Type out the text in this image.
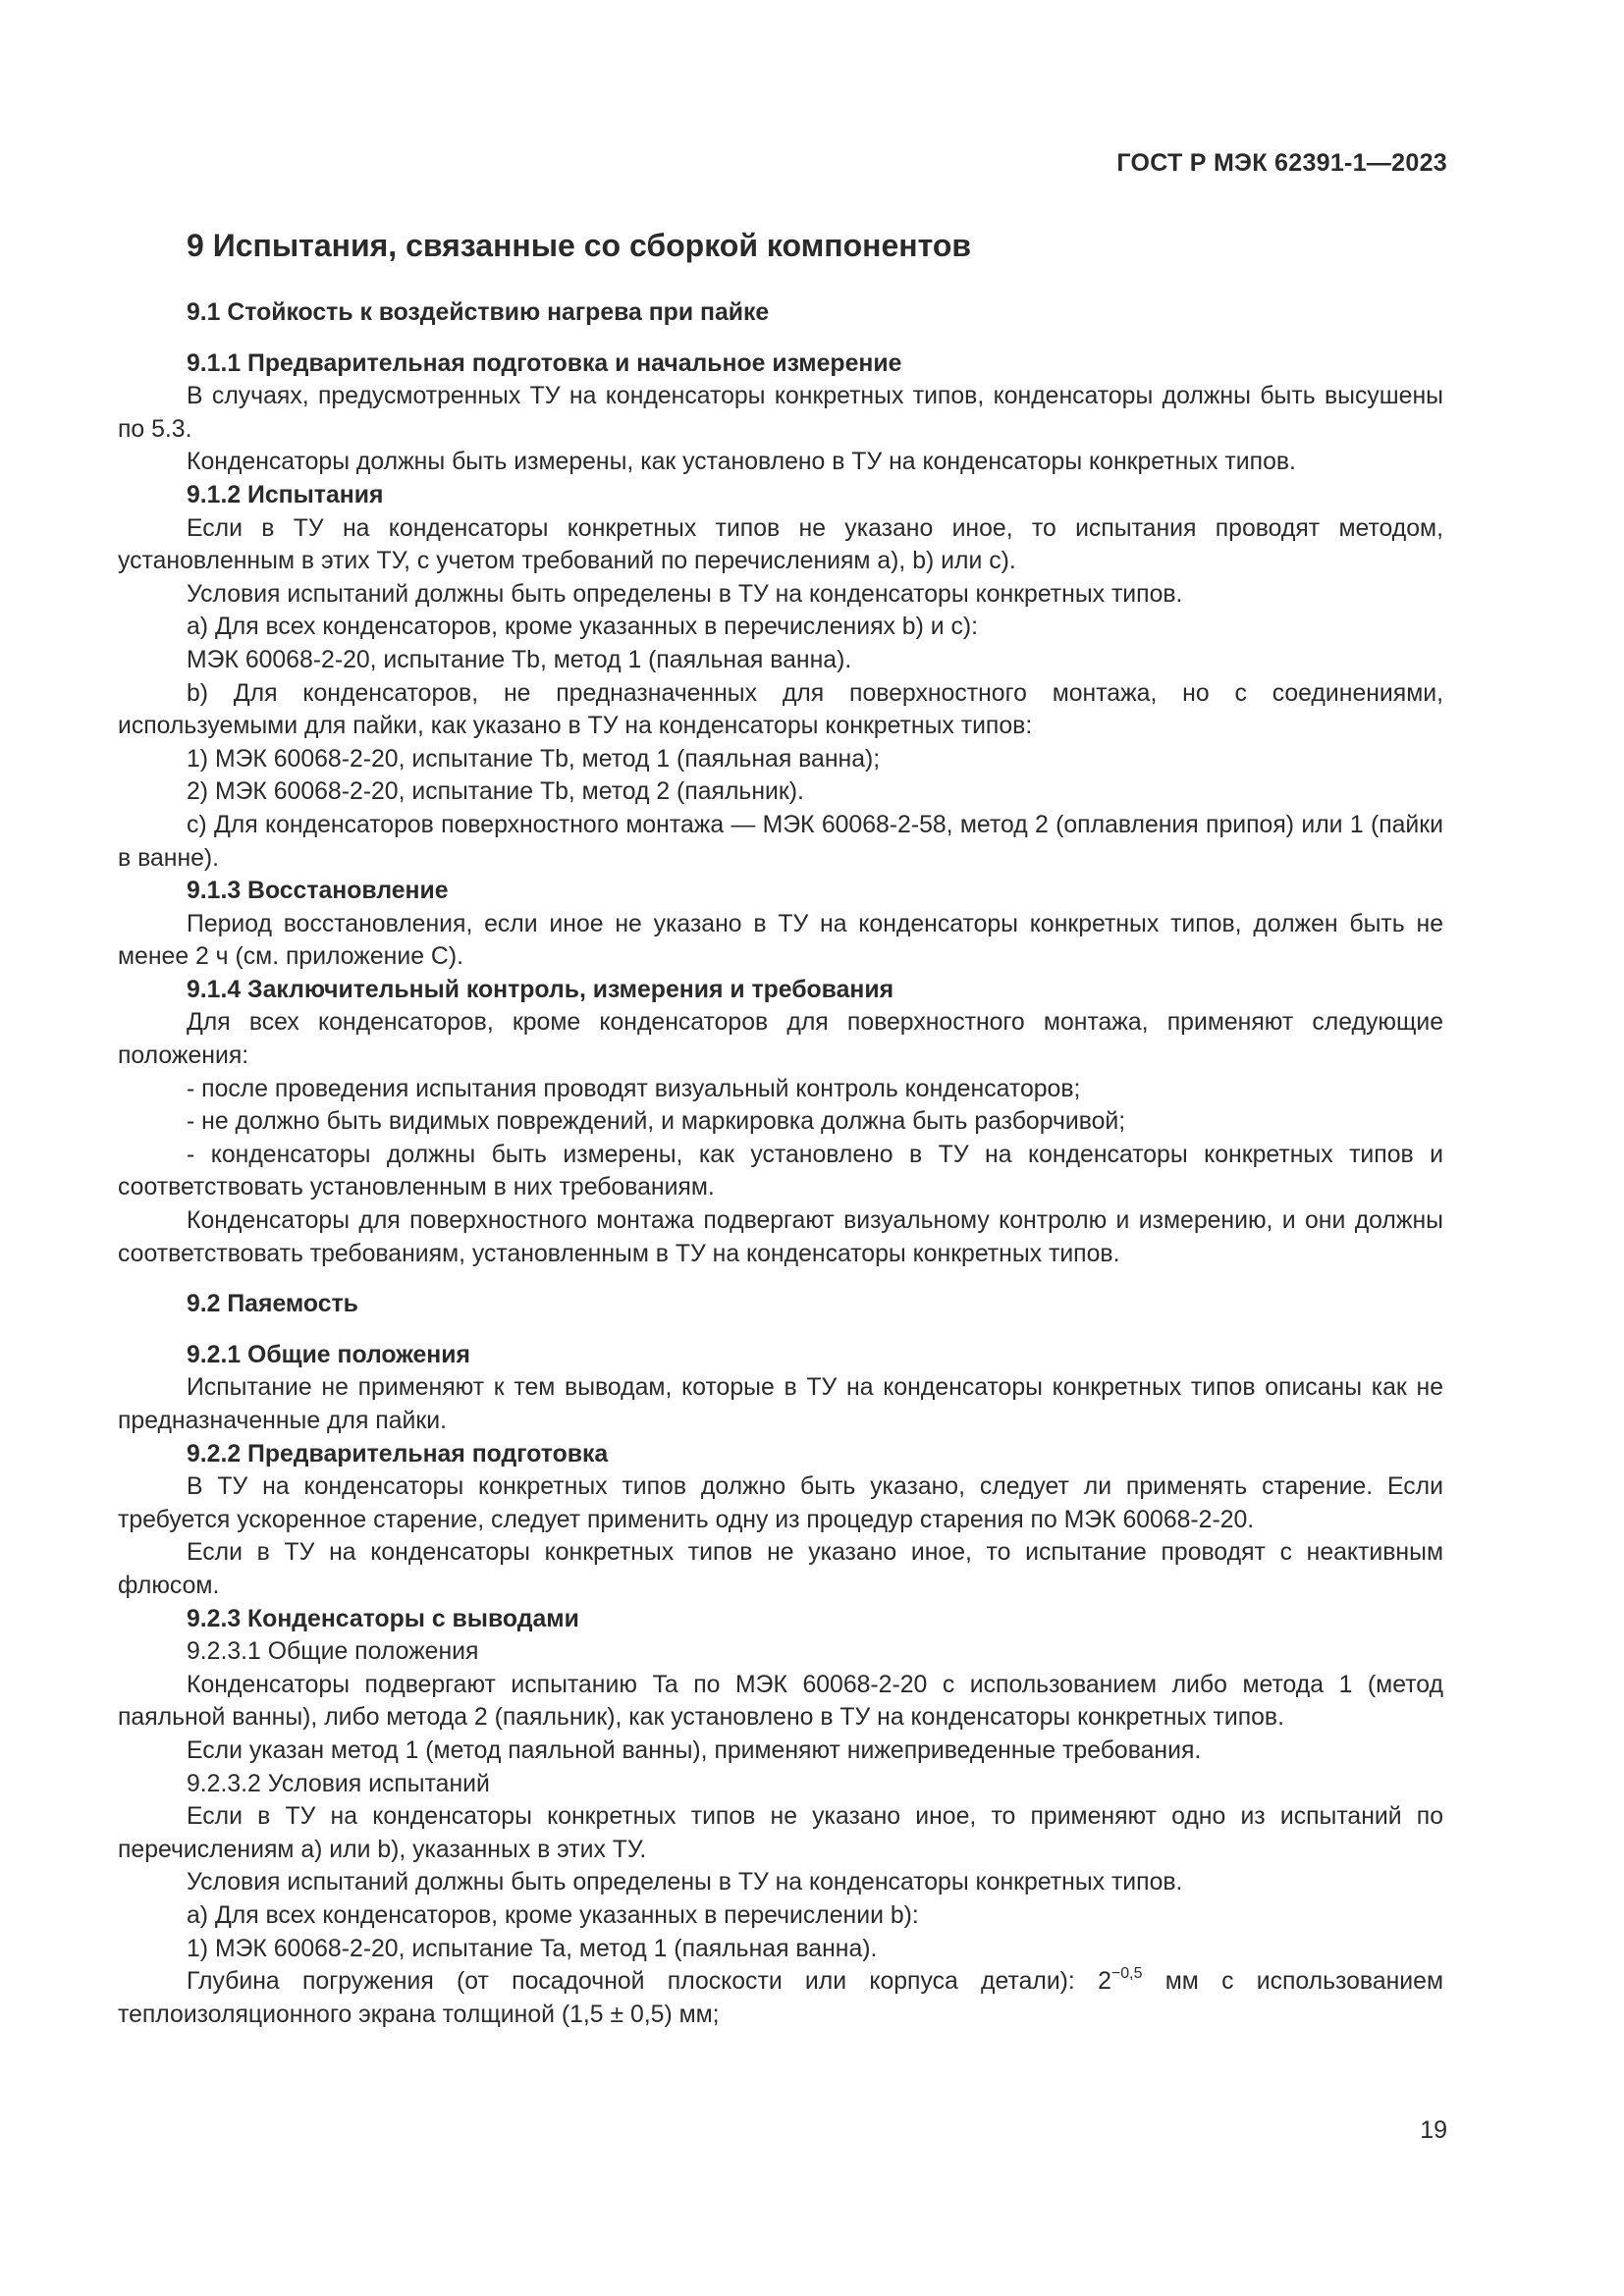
ГОСТ Р МЭК 62391-1—2023
9 Испытания, связанные со сборкой компонентов
9.1 Стойкость к воздействию нагрева при пайке
9.1.1 Предварительная подготовка и начальное измерение

В случаях, предусмотренных ТУ на конденсаторы конкретных типов, конденсаторы должны быть высушены по 5.3.

Конденсаторы должны быть измерены, как установлено в ТУ на конденсаторы конкретных типов.

9.1.2 Испытания

Если в ТУ на конденсаторы конкретных типов не указано иное, то испытания проводят методом, установленным в этих ТУ, с учетом требований по перечислениям a), b) или c).

Условия испытаний должны быть определены в ТУ на конденсаторы конкретных типов.

a) Для всех конденсаторов, кроме указанных в перечислениях b) и c):

МЭК 60068-2-20, испытание Tb, метод 1 (паяльная ванна).

b) Для конденсаторов, не предназначенных для поверхностного монтажа, но с соединениями, используемыми для пайки, как указано в ТУ на конденсаторы конкретных типов:

1) МЭК 60068-2-20, испытание Tb, метод 1 (паяльная ванна);

2) МЭК 60068-2-20, испытание Tb, метод 2 (паяльник).

c) Для конденсаторов поверхностного монтажа — МЭК 60068-2-58, метод 2 (оплавления припоя) или 1 (пайки в ванне).

9.1.3 Восстановление

Период восстановления, если иное не указано в ТУ на конденсаторы конкретных типов, должен быть не менее 2 ч (см. приложение C).

9.1.4 Заключительный контроль, измерения и требования

Для всех конденсаторов, кроме конденсаторов для поверхностного монтажа, применяют следующие положения:

- после проведения испытания проводят визуальный контроль конденсаторов;

- не должно быть видимых повреждений, и маркировка должна быть разборчивой;

- конденсаторы должны быть измерены, как установлено в ТУ на конденсаторы конкретных типов и соответствовать установленным в них требованиям.

Конденсаторы для поверхностного монтажа подвергают визуальному контролю и измерению, и они должны соответствовать требованиям, установленным в ТУ на конденсаторы конкретных типов.

9.2 Паяемость
9.2.1 Общие положения

Испытание не применяют к тем выводам, которые в ТУ на конденсаторы конкретных типов описаны как не предназначенные для пайки.

9.2.2 Предварительная подготовка

В ТУ на конденсаторы конкретных типов должно быть указано, следует ли применять старение. Если требуется ускоренное старение, следует применить одну из процедур старения по МЭК 60068-2-20.

Если в ТУ на конденсаторы конкретных типов не указано иное, то испытание проводят с неактивным флюсом.

9.2.3 Конденсаторы с выводами

9.2.3.1 Общие положения

Конденсаторы подвергают испытанию Ta по МЭК 60068-2-20 с использованием либо метода 1 (метод паяльной ванны), либо метода 2 (паяльник), как установлено в ТУ на конденсаторы конкретных типов.

Если указан метод 1 (метод паяльной ванны), применяют нижеприведенные требования.

9.2.3.2 Условия испытаний

Если в ТУ на конденсаторы конкретных типов не указано иное, то применяют одно из испытаний по перечислениям a) или b), указанных в этих ТУ.

Условия испытаний должны быть определены в ТУ на конденсаторы конкретных типов.

a) Для всех конденсаторов, кроме указанных в перечислении b):

1) МЭК 60068-2-20, испытание Ta, метод 1 (паяльная ванна).

Глубина погружения (от посадочной плоскости или корпуса детали): $2^{-0,5}$ мм с использованием теплоизоляционного экрана толщиной (1,5 ± 0,5) мм;

19
